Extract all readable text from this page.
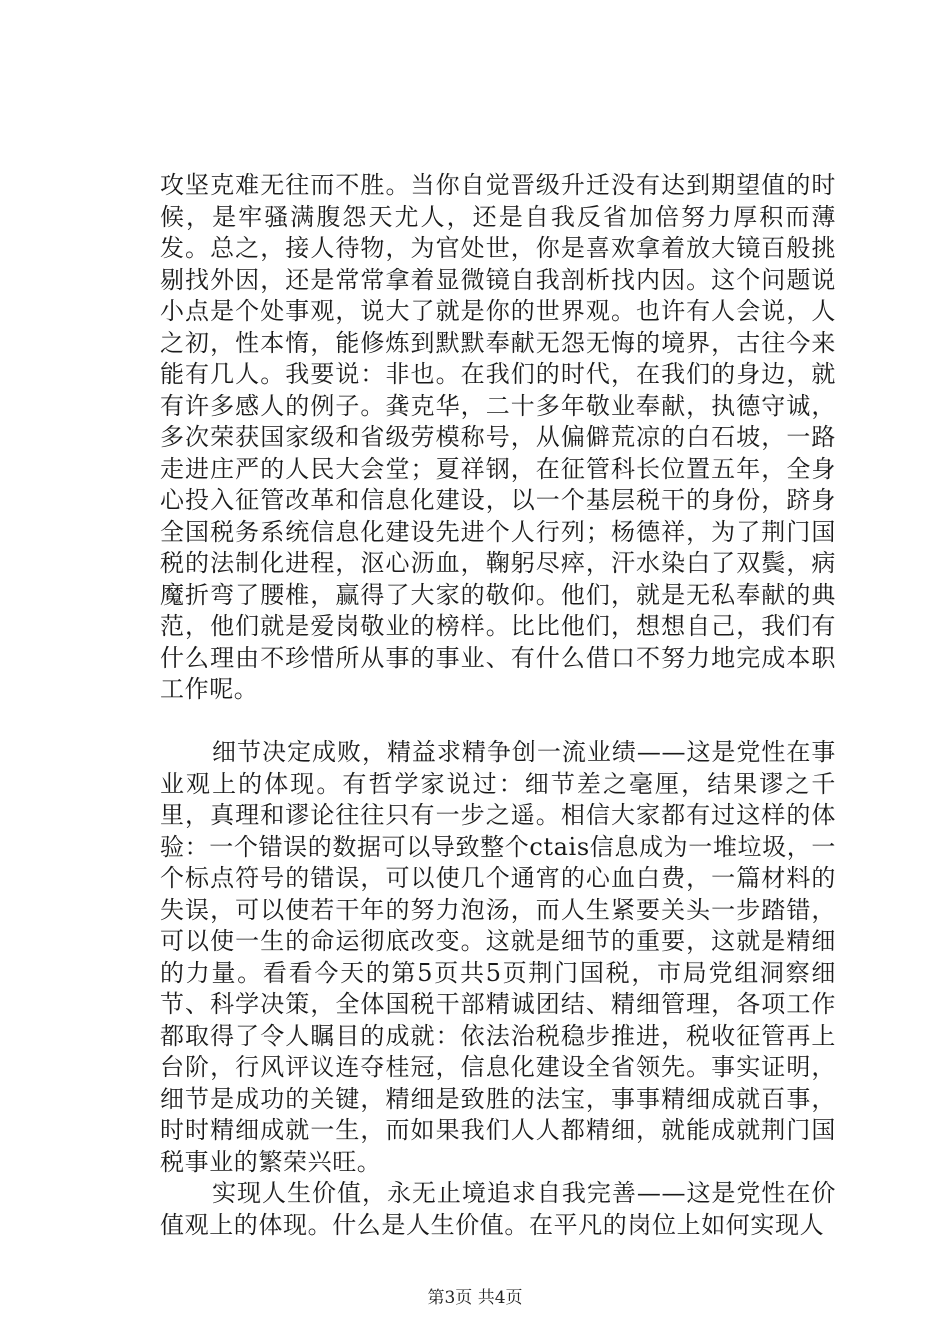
攻坚克难无往而不胜。当你自觉晋级升迁没有达到期望值的时候，是牢骚满腹怨天尤人，还是自我反省加倍努力厚积而薄发。总之，接人待物，为官处世，你是喜欢拿着放大镜百般挑剔找外因，还是常常拿着显微镜自我剖析找内因。这个问题说小点是个处事观，说大了就是你的世界观。也许有人会说，人之初，性本惰，能修炼到默默奉献无怨无悔的境界，古往今来能有几人。我要说：非也。在我们的时代，在我们的身边，就有许多感人的例子。龚克华，二十多年敬业奉献，执德守诚，多次荣获国家级和省级劳模称号，从偏僻荒凉的白石坡，一路走进庄严的人民大会堂；夏祥钢，在征管科长位置五年，全身心投入征管改革和信息化建设，以一个基层税干的身份，跻身全国税务系统信息化建设先进个人行列；杨德祥，为了荆门国税的法制化进程，沤心沥血，鞠躬尽瘁，汗水染白了双鬓，病魔折弯了腰椎，赢得了大家的敬仰。他们，就是无私奉献的典范，他们就是爱岗敬业的榜样。比比他们，想想自己，我们有什么理由不珍惜所从事的事业、有什么借口不努力地完成本职工作呢。

细节决定成败，精益求精争创一流业绩——这是党性在事业观上的体现。有哲学家说过：细节差之毫厘，结果谬之千里，真理和谬论往往只有一步之遥。相信大家都有过这样的体验：一个错误的数据可以导致整个ctais信息成为一堆垃圾，一个标点符号的错误，可以使几个通宵的心血白费，一篇材料的失误，可以使若干年的努力泡汤，而人生紧要关头一步踏错，可以使一生的命运彻底改变。这就是细节的重要，这就是精细的力量。看看今天的第5页共5页荆门国税，市局党组洞察细节、科学决策，全体国税干部精诚团结、精细管理，各项工作都取得了令人瞩目的成就：依法治税稳步推进，税收征管再上台阶，行风评议连夺桂冠，信息化建设全省领先。事实证明，细节是成功的关键，精细是致胜的法宝，事事精细成就百事，时时精细成就一生，而如果我们人人都精细，就能成就荆门国税事业的繁荣兴旺。

实现人生价值，永无止境追求自我完善——这是党性在价值观上的体现。什么是人生价值。在平凡的岗位上如何实现人

第3页 共4页
